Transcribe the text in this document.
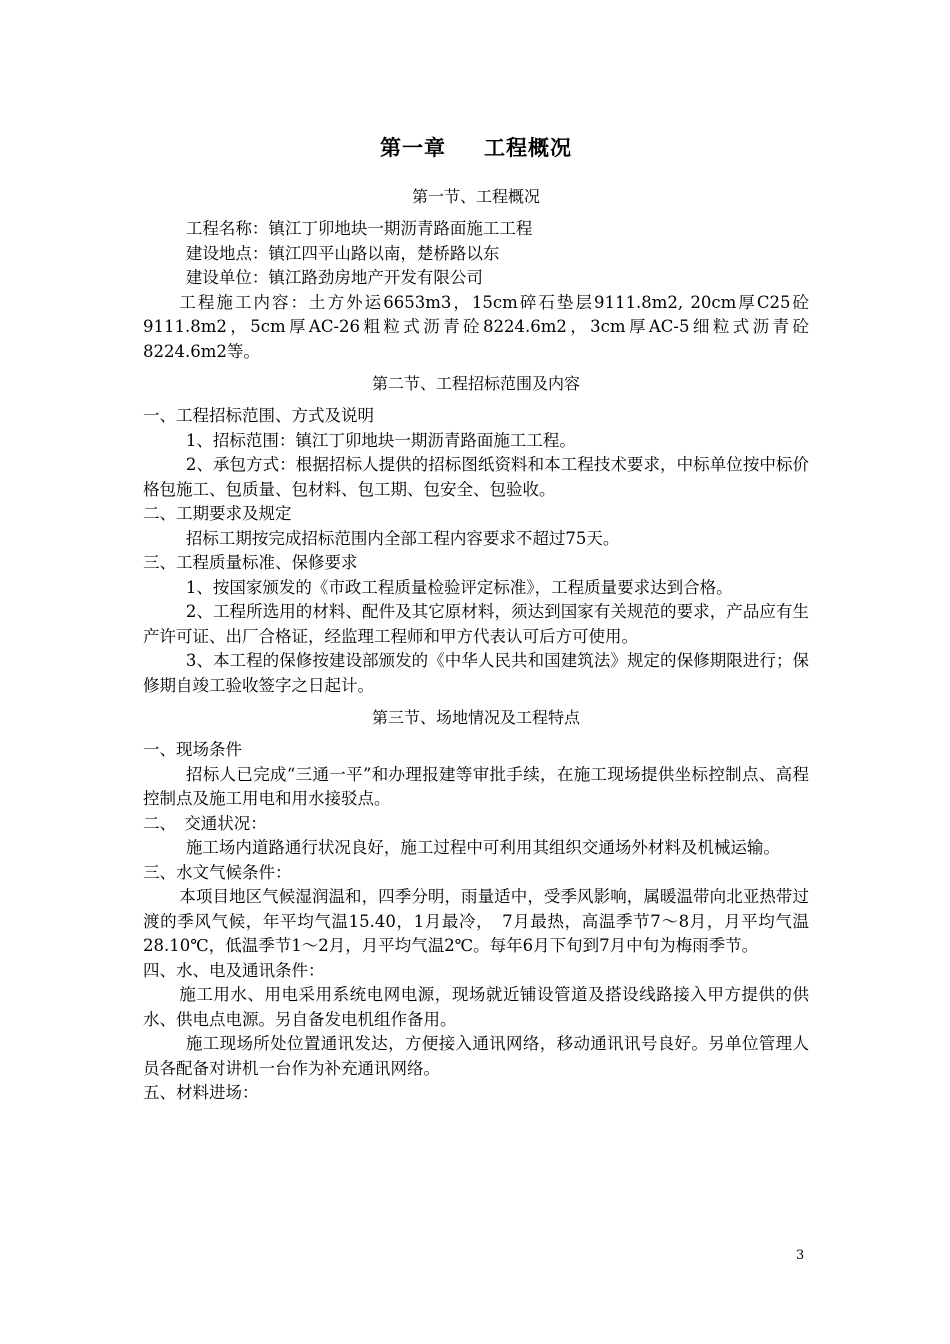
第一章 工程概况
第一节、工程概况

工程名称：镇江丁卯地块一期沥青路面施工工程

建设地点：镇江四平山路以南，楚桥路以东

建设单位：镇江路劲房地产开发有限公司

工程施工内容：土方外运6653m3，15cm碎石垫层9111.8m2, 20cm厚C25砼9111.8m2，5cm厚AC-26粗粒式沥青砼8224.6m2，3cm厚AC-5细粒式沥青砼8224.6m2等。

第二节、工程招标范围及内容

一、工程招标范围、方式及说明

1、招标范围：镇江丁卯地块一期沥青路面施工工程。

2、承包方式：根据招标人提供的招标图纸资料和本工程技术要求，中标单位按中标价格包施工、包质量、包材料、包工期、包安全、包验收。

二、工期要求及规定

招标工期按完成招标范围内全部工程内容要求不超过75天。

三、工程质量标准、保修要求

1、按国家颁发的《市政工程质量检验评定标准》，工程质量要求达到合格。

2、工程所选用的材料、配件及其它原材料，须达到国家有关规范的要求，产品应有生产许可证、出厂合格证，经监理工程师和甲方代表认可后方可使用。

3、本工程的保修按建设部颁发的《中华人民共和国建筑法》规定的保修期限进行；保修期自竣工验收签字之日起计。

第三节、场地情况及工程特点

一、现场条件

招标人已完成“三通一平”和办理报建等审批手续，在施工现场提供坐标控制点、高程控制点及施工用电和用水接驳点。

二、　交通状况：

施工场内道路通行状况良好，施工过程中可利用其组织交通场外材料及机械运输。

三、水文气候条件：

本项目地区气候湿润温和，四季分明，雨量适中，受季风影响，属暖温带向北亚热带过渡的季风气候，年平均气温15.40，1月最冷，　7月最热，高温季节7～8月，月平均气温28.10℃，低温季节1～2月，月平均气温2℃。每年6月下旬到7月中旬为梅雨季节。

四、水、电及通讯条件：

施工用水、用电采用系统电网电源，现场就近铺设管道及搭设线路接入甲方提供的供水、供电点电源。另自备发电机组作备用。

施工现场所处位置通讯发达，方便接入通讯网络，移动通讯讯号良好。另单位管理人员各配备对讲机一台作为补充通讯网络。

五、材料进场：

3
